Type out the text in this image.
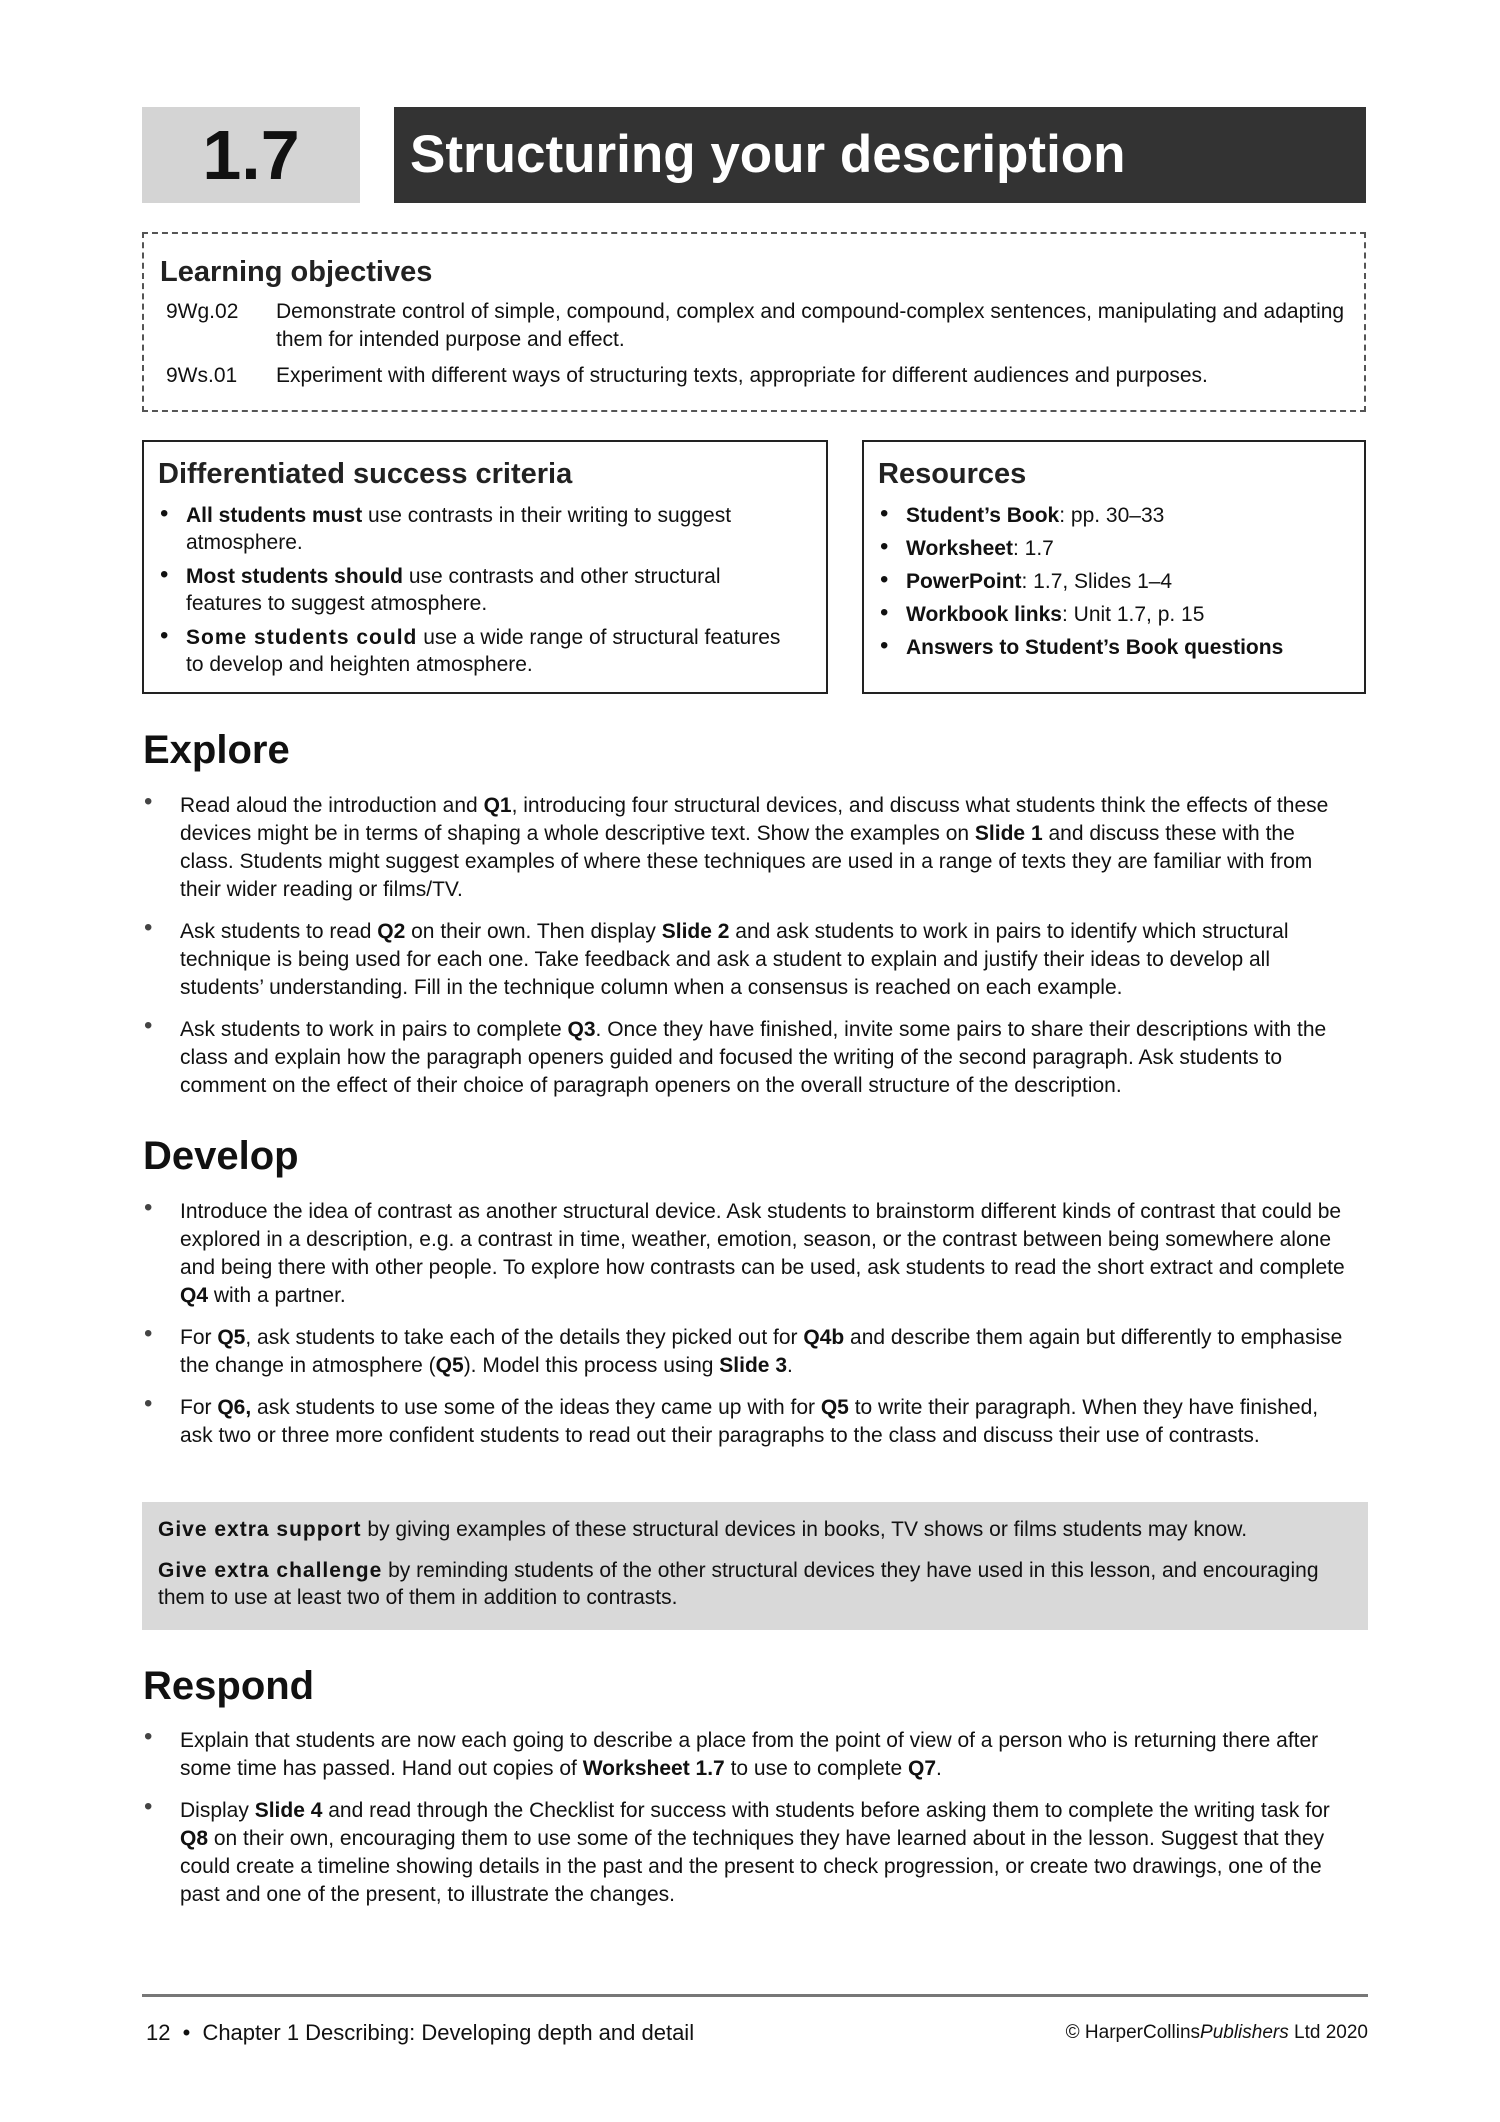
1.7	Structuring your description
Learning objectives
9Wg.02	Demonstrate control of simple, compound, complex and compound-complex sentences, manipulating and adapting them for intended purpose and effect.
9Ws.01	Experiment with different ways of structuring texts, appropriate for different audiences and purposes.
Differentiated success criteria
• All students must use contrasts in their writing to suggest atmosphere.
• Most students should use contrasts and other structural features to suggest atmosphere.
• Some students could use a wide range of structural features to develop and heighten atmosphere.
Resources
• Student’s Book: pp. 30–33
• Worksheet: 1.7
• PowerPoint: 1.7, Slides 1–4
• Workbook links: Unit 1.7, p. 15
• Answers to Student’s Book questions
Explore
• Read aloud the introduction and Q1, introducing four structural devices, and discuss what students think the effects of these devices might be in terms of shaping a whole descriptive text. Show the examples on Slide 1 and discuss these with the class. Students might suggest examples of where these techniques are used in a range of texts they are familiar with from their wider reading or films/TV.
• Ask students to read Q2 on their own. Then display Slide 2 and ask students to work in pairs to identify which structural technique is being used for each one. Take feedback and ask a student to explain and justify their ideas to develop all students’ understanding. Fill in the technique column when a consensus is reached on each example.
• Ask students to work in pairs to complete Q3. Once they have finished, invite some pairs to share their descriptions with the class and explain how the paragraph openers guided and focused the writing of the second paragraph. Ask students to comment on the effect of their choice of paragraph openers on the overall structure of the description.
Develop
• Introduce the idea of contrast as another structural device. Ask students to brainstorm different kinds of contrast that could be explored in a description, e.g. a contrast in time, weather, emotion, season, or the contrast between being somewhere alone and being there with other people. To explore how contrasts can be used, ask students to read the short extract and complete Q4 with a partner.
• For Q5, ask students to take each of the details they picked out for Q4b and describe them again but differently to emphasise the change in atmosphere (Q5). Model this process using Slide 3.
• For Q6, ask students to use some of the ideas they came up with for Q5 to write their paragraph. When they have finished, ask two or three more confident students to read out their paragraphs to the class and discuss their use of contrasts.

Give extra support by giving examples of these structural devices in books, TV shows or films students may know.

Give extra challenge by reminding students of the other structural devices they have used in this lesson, and encouraging them to use at least two of them in addition to contrasts.

Respond
• Explain that students are now each going to describe a place from the point of view of a person who is returning there after some time has passed. Hand out copies of Worksheet 1.7 to use to complete Q7.
• Display Slide 4 and read through the Checklist for success with students before asking them to complete the writing task for Q8 on their own, encouraging them to use some of the techniques they have learned about in the lesson. Suggest that they could create a timeline showing details in the past and the present to check progression, or create two drawings, one of the past and one of the present, to illustrate the changes.
12 • Chapter 1 Describing: Developing depth and detail	© HarperCollinsPublishers Ltd 2020
